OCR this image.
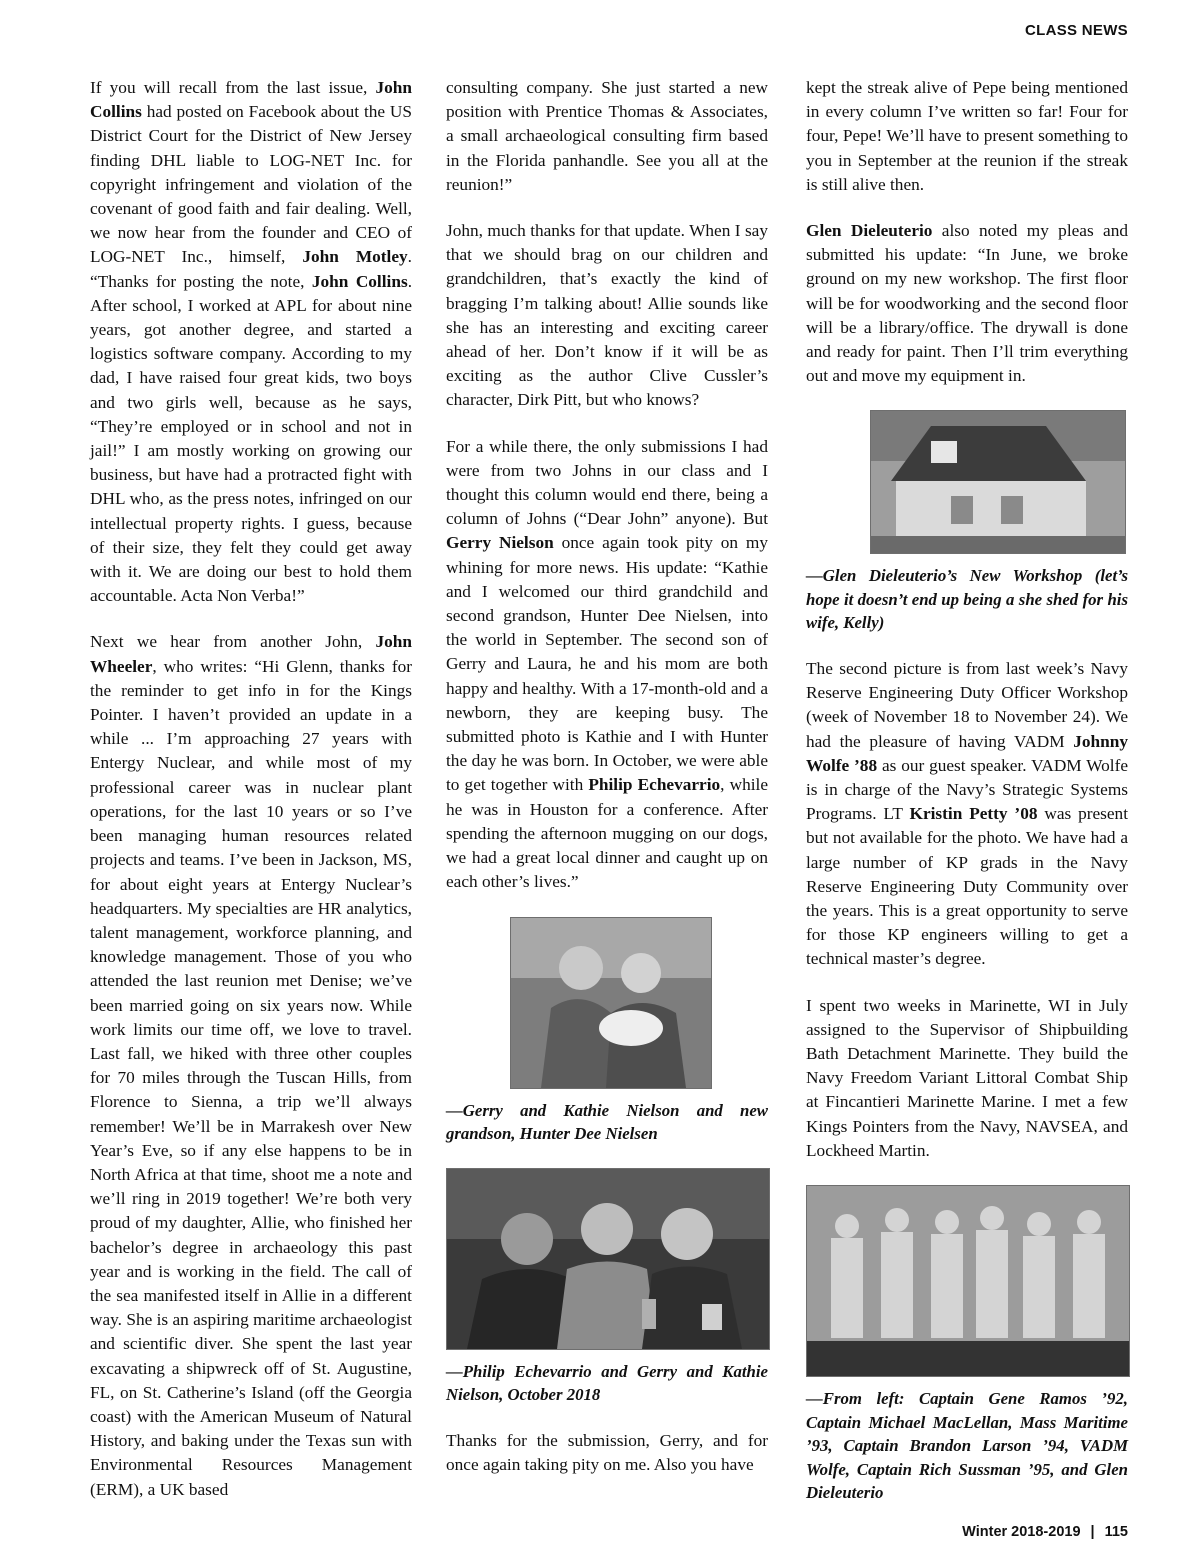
CLASS NEWS

If you will recall from the last issue, John Collins had posted on Facebook about the US District Court for the District of New Jersey finding DHL liable to LOG-NET Inc. for copyright infringement and violation of the covenant of good faith and fair dealing. Well, we now hear from the founder and CEO of LOG-NET Inc., himself, John Motley. “Thanks for posting the note, John Collins. After school, I worked at APL for about nine years, got another degree, and started a logistics software company. According to my dad, I have raised four great kids, two boys and two girls well, because as he says, “They’re employed or in school and not in jail!” I am mostly working on growing our business, but have had a protracted fight with DHL who, as the press notes, infringed on our intellectual property rights. I guess, because of their size, they felt they could get away with it. We are doing our best to hold them accountable. Acta Non Verba!”

Next we hear from another John, John Wheeler, who writes: “Hi Glenn, thanks for the reminder to get info in for the Kings Pointer. I haven’t provided an update in a while ... I’m approaching 27 years with Entergy Nuclear, and while most of my professional career was in nuclear plant operations, for the last 10 years or so I’ve been managing human resources related projects and teams. I’ve been in Jackson, MS, for about eight years at Entergy Nuclear’s headquarters. My specialties are HR analytics, talent management, workforce planning, and knowledge management. Those of you who attended the last reunion met Denise; we’ve been married going on six years now. While work limits our time off, we love to travel. Last fall, we hiked with three other couples for 70 miles through the Tuscan Hills, from Florence to Sienna, a trip we’ll always remember! We’ll be in Marrakesh over New Year’s Eve, so if any else happens to be in North Africa at that time, shoot me a note and we’ll ring in 2019 together! We’re both very proud of my daughter, Allie, who finished her bachelor’s degree in archaeology this past year and is working in the field. The call of the sea manifested itself in Allie in a different way. She is an aspiring maritime archaeologist and scientific diver. She spent the last year excavating a shipwreck off of St. Augustine, FL, on St. Catherine’s Island (off the Georgia coast) with the American Museum of Natural History, and baking under the Texas sun with Environmental Resources Management (ERM), a UK based

consulting company. She just started a new position with Prentice Thomas & Associates, a small archaeological consulting firm based in the Florida panhandle. See you all at the reunion!”

John, much thanks for that update. When I say that we should brag on our children and grandchildren, that’s exactly the kind of bragging I’m talking about! Allie sounds like she has an interesting and exciting career ahead of her. Don’t know if it will be as exciting as the author Clive Cussler’s character, Dirk Pitt, but who knows?

For a while there, the only submissions I had were from two Johns in our class and I thought this column would end there, being a column of Johns (“Dear John” anyone). But Gerry Nielson once again took pity on my whining for more news. His update: “Kathie and I welcomed our third grandchild and second grandson, Hunter Dee Nielsen, into the world in September. The second son of Gerry and Laura, he and his mom are both happy and healthy. With a 17-month-old and a newborn, they are keeping busy. The submitted photo is Kathie and I with Hunter the day he was born. In October, we were able to get together with Philip Echevarrio, while he was in Houston for a conference. After spending the afternoon mugging on our dogs, we had a great local dinner and caught up on each other’s lives.”

—Gerry and Kathie Nielson and new grandson, Hunter Dee Nielsen
—Philip Echevarrio and Gerry and Kathie Nielson, October 2018

Thanks for the submission, Gerry, and for once again taking pity on me. Also you have

kept the streak alive of Pepe being mentioned in every column I’ve written so far! Four for four, Pepe! We’ll have to present something to you in September at the reunion if the streak is still alive then.

Glen Dieleuterio also noted my pleas and submitted his update: “In June, we broke ground on my new workshop. The first floor will be for woodworking and the second floor will be a library/office. The drywall is done and ready for paint. Then I’ll trim everything out and move my equipment in.

—Glen Dieleuterio’s New Workshop (let’s hope it doesn’t end up being a she shed for his wife, Kelly)

The second picture is from last week’s Navy Reserve Engineering Duty Officer Workshop (week of November 18 to November 24). We had the pleasure of having VADM Johnny Wolfe ’88 as our guest speaker. VADM Wolfe is in charge of the Navy’s Strategic Systems Programs. LT Kristin Petty ’08 was present but not available for the photo. We have had a large number of KP grads in the Navy Reserve Engineering Duty Community over the years. This is a great opportunity to serve for those KP engineers willing to get a technical master’s degree.

I spent two weeks in Marinette, WI in July assigned to the Supervisor of Shipbuilding Bath Detachment Marinette. They build the Navy Freedom Variant Littoral Combat Ship at Fincantieri Marinette Marine. I met a few Kings Pointers from the Navy, NAVSEA, and Lockheed Martin.

—From left: Captain Gene Ramos ’92, Captain Michael MacLellan, Mass Maritime ’93, Captain Brandon Larson ’94, VADM Wolfe, Captain Rich Sussman ’95, and Glen Dieleuterio
Winter 2018-2019 | 115
